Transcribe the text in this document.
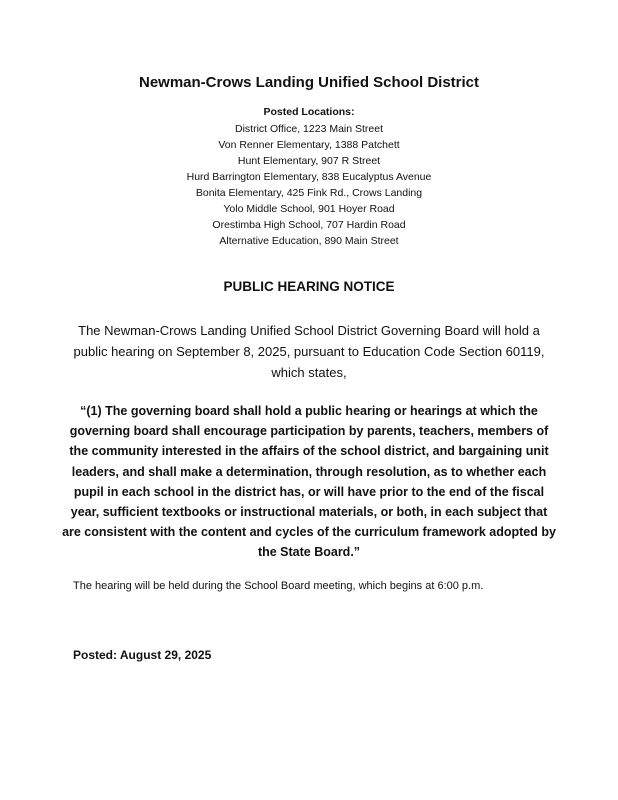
Newman-Crows Landing Unified School District
Posted Locations:
District Office, 1223 Main Street
Von Renner Elementary, 1388 Patchett
Hunt Elementary, 907 R Street
Hurd Barrington Elementary, 838 Eucalyptus Avenue
Bonita Elementary, 425 Fink Rd., Crows Landing
Yolo Middle School, 901 Hoyer Road
Orestimba High School, 707 Hardin Road
Alternative Education, 890 Main Street
PUBLIC HEARING NOTICE
The Newman-Crows Landing Unified School District Governing Board will hold a public hearing on September 8, 2025, pursuant to Education Code Section 60119, which states,
“(1) The governing board shall hold a public hearing or hearings at which the governing board shall encourage participation by parents, teachers, members of the community interested in the affairs of the school district, and bargaining unit leaders, and shall make a determination, through resolution, as to whether each pupil in each school in the district has, or will have prior to the end of the fiscal year, sufficient textbooks or instructional materials, or both, in each subject that are consistent with the content and cycles of the curriculum framework adopted by the State Board.”
The hearing will be held during the School Board meeting, which begins at 6:00 p.m.
Posted: August 29, 2025
